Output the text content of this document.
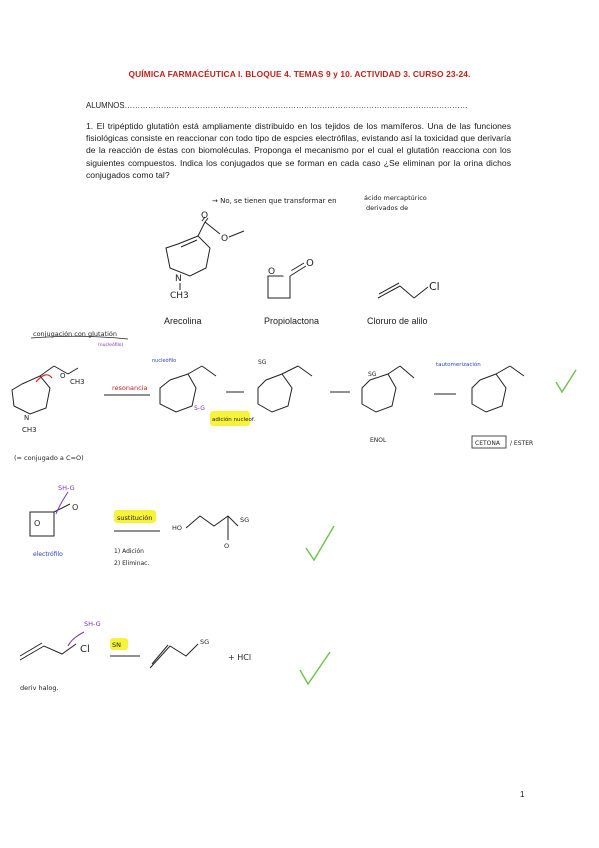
QUÍMICA FARMACÉUTICA I. BLOQUE 4. TEMAS 9 y 10. ACTIVIDAD 3. CURSO 23-24.
ALUMNOS……………………………………………………………………………………………………………………
1. El tripéptido glutatión está ampliamente distribuido en los tejidos de los mamíferos. Una de las funciones fisiológicas consiste en reaccionar con todo tipo de espcies electrófilas, evistando así la toxicidad que derivaría de la reacción de éstas con biomoléculas. Proponga el mecanismo por el cual el glutatión reacciona con los siguientes compuestos. Indica los conjugados que se forman en cada caso ¿Se eliminan por la orina dichos conjugados como tal?
→ No, se tienen que transformar en	ácido mercaptúrico
derivados de
Arecolina	Propiolactona	Cloruro de alilo
O
O
N
CH3
O
O
O
Cl
conjugación con glutatión
(nucleófilo)
O
CH3
N
CH3
(= conjugado a C=O)
resonancia
nucleófilo
adición nucleof.
S-G
SG
SG
ENOL
tautomerización
CETONA / ESTER
O
O
SH-G
electrófilo
sustitución
1) Adición
2) Eliminac.
HO
SG
O
SH-G
Cl	SN	SG
+ HCl
deriv halog.
1
